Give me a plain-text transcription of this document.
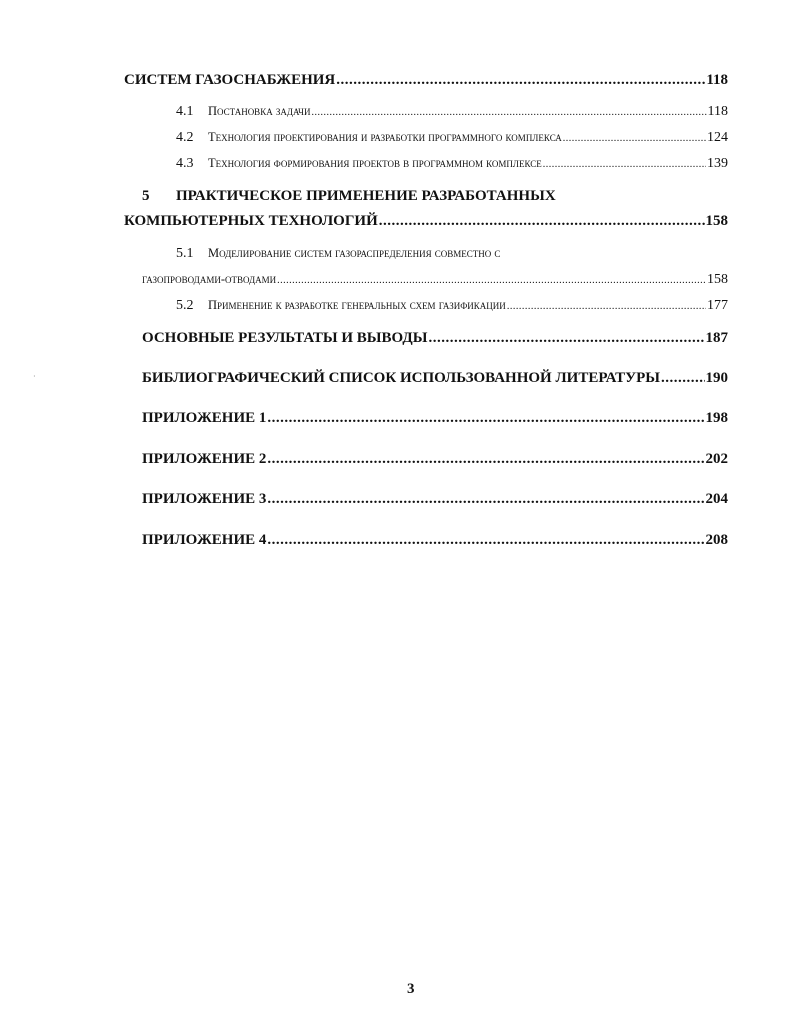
СИСТЕМ ГАЗОСНАБЖЕНИЯ .....	118
4.1	Постановка задачи .....	118
4.2	Технология проектирования и разработки программного комплекса .....	124
4.3	Технология формирования проектов в программном комплексе .....	139
5	ПРАКТИЧЕСКОЕ ПРИМЕНЕНИЕ РАЗРАБОТАННЫХ
КОМПЬЮТЕРНЫХ ТЕХНОЛОГИЙ .....	158
5.1	Моделирование систем газораспределения совместно с
газопроводами-отводами .....	158
5.2	Применение к разработке генеральных схем газификации .....	177
ОСНОВНЫЕ РЕЗУЛЬТАТЫ И ВЫВОДЫ .....	187
БИБЛИОГРАФИЧЕСКИЙ СПИСОК ИСПОЛЬЗОВАННОЙ ЛИТЕРАТУРЫ .....	190
ПРИЛОЖЕНИЕ 1 .....	198
ПРИЛОЖЕНИЕ 2 .....	202
ПРИЛОЖЕНИЕ 3 .....	204
ПРИЛОЖЕНИЕ 4 .....	208
·
3
